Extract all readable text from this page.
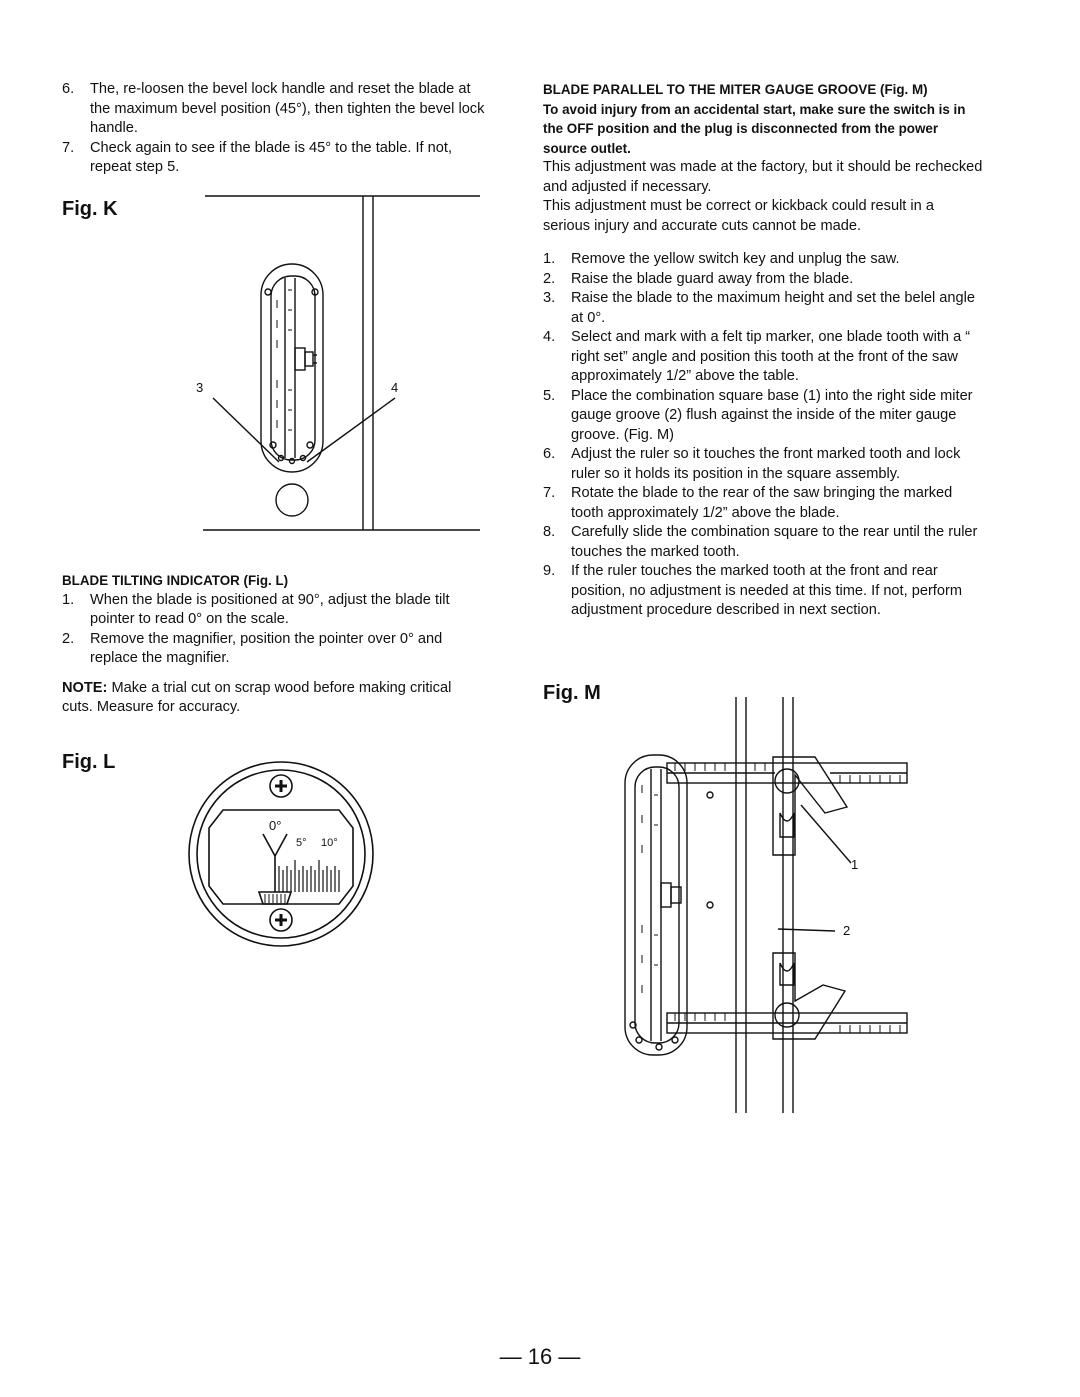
6. The, re-loosen the bevel lock handle and reset the blade at the maximum bevel position (45°), then tighten the bevel lock handle.
7. Check again to see if the blade is 45° to the table. If not, repeat step 5.
Fig. K
3	4
BLADE TILTING INDICATOR (Fig. L)
1. When the blade is positioned at 90°, adjust the blade tilt pointer to read 0° on the scale.
2. Remove the magnifier, position the pointer over 0° and replace the magnifier.

NOTE: Make a trial cut on scrap wood before making critical cuts. Measure for accuracy.

Fig. L
0°
5° 10°
BLADE PARALLEL TO THE MITER GAUGE GROOVE (Fig. M)

To avoid injury from an accidental start, make sure the switch is in the OFF position and the plug is disconnected from the power source outlet.

This adjustment was made at the factory, but it should be rechecked and adjusted if necessary.

This adjustment must be correct or kickback could result in a serious injury and accurate cuts cannot be made.

1. Remove the yellow switch key and unplug the saw.
2. Raise the blade guard away from the blade.
3. Raise the blade to the maximum height and set the belel angle at 0°.
4. Select and mark with a felt tip marker, one blade tooth with a “ right set” angle and position this tooth at the front of the saw approximately 1/2” above the table.
5. Place the combination square base (1) into the right side miter gauge groove (2) flush against the inside of the miter gauge groove. (Fig. M)
6. Adjust the ruler so it touches the front marked tooth and lock ruler so it holds its position in the square assembly.
7. Rotate the blade to the rear of the saw bringing the marked tooth approximately 1/2” above the blade.
8. Carefully slide the combination square to the rear until the ruler touches the marked tooth.
9. If the ruler touches the marked tooth at the front and rear position, no adjustment is needed at this time. If not, perform adjustment procedure described in next section.
Fig. M
1
2
— 16 —
